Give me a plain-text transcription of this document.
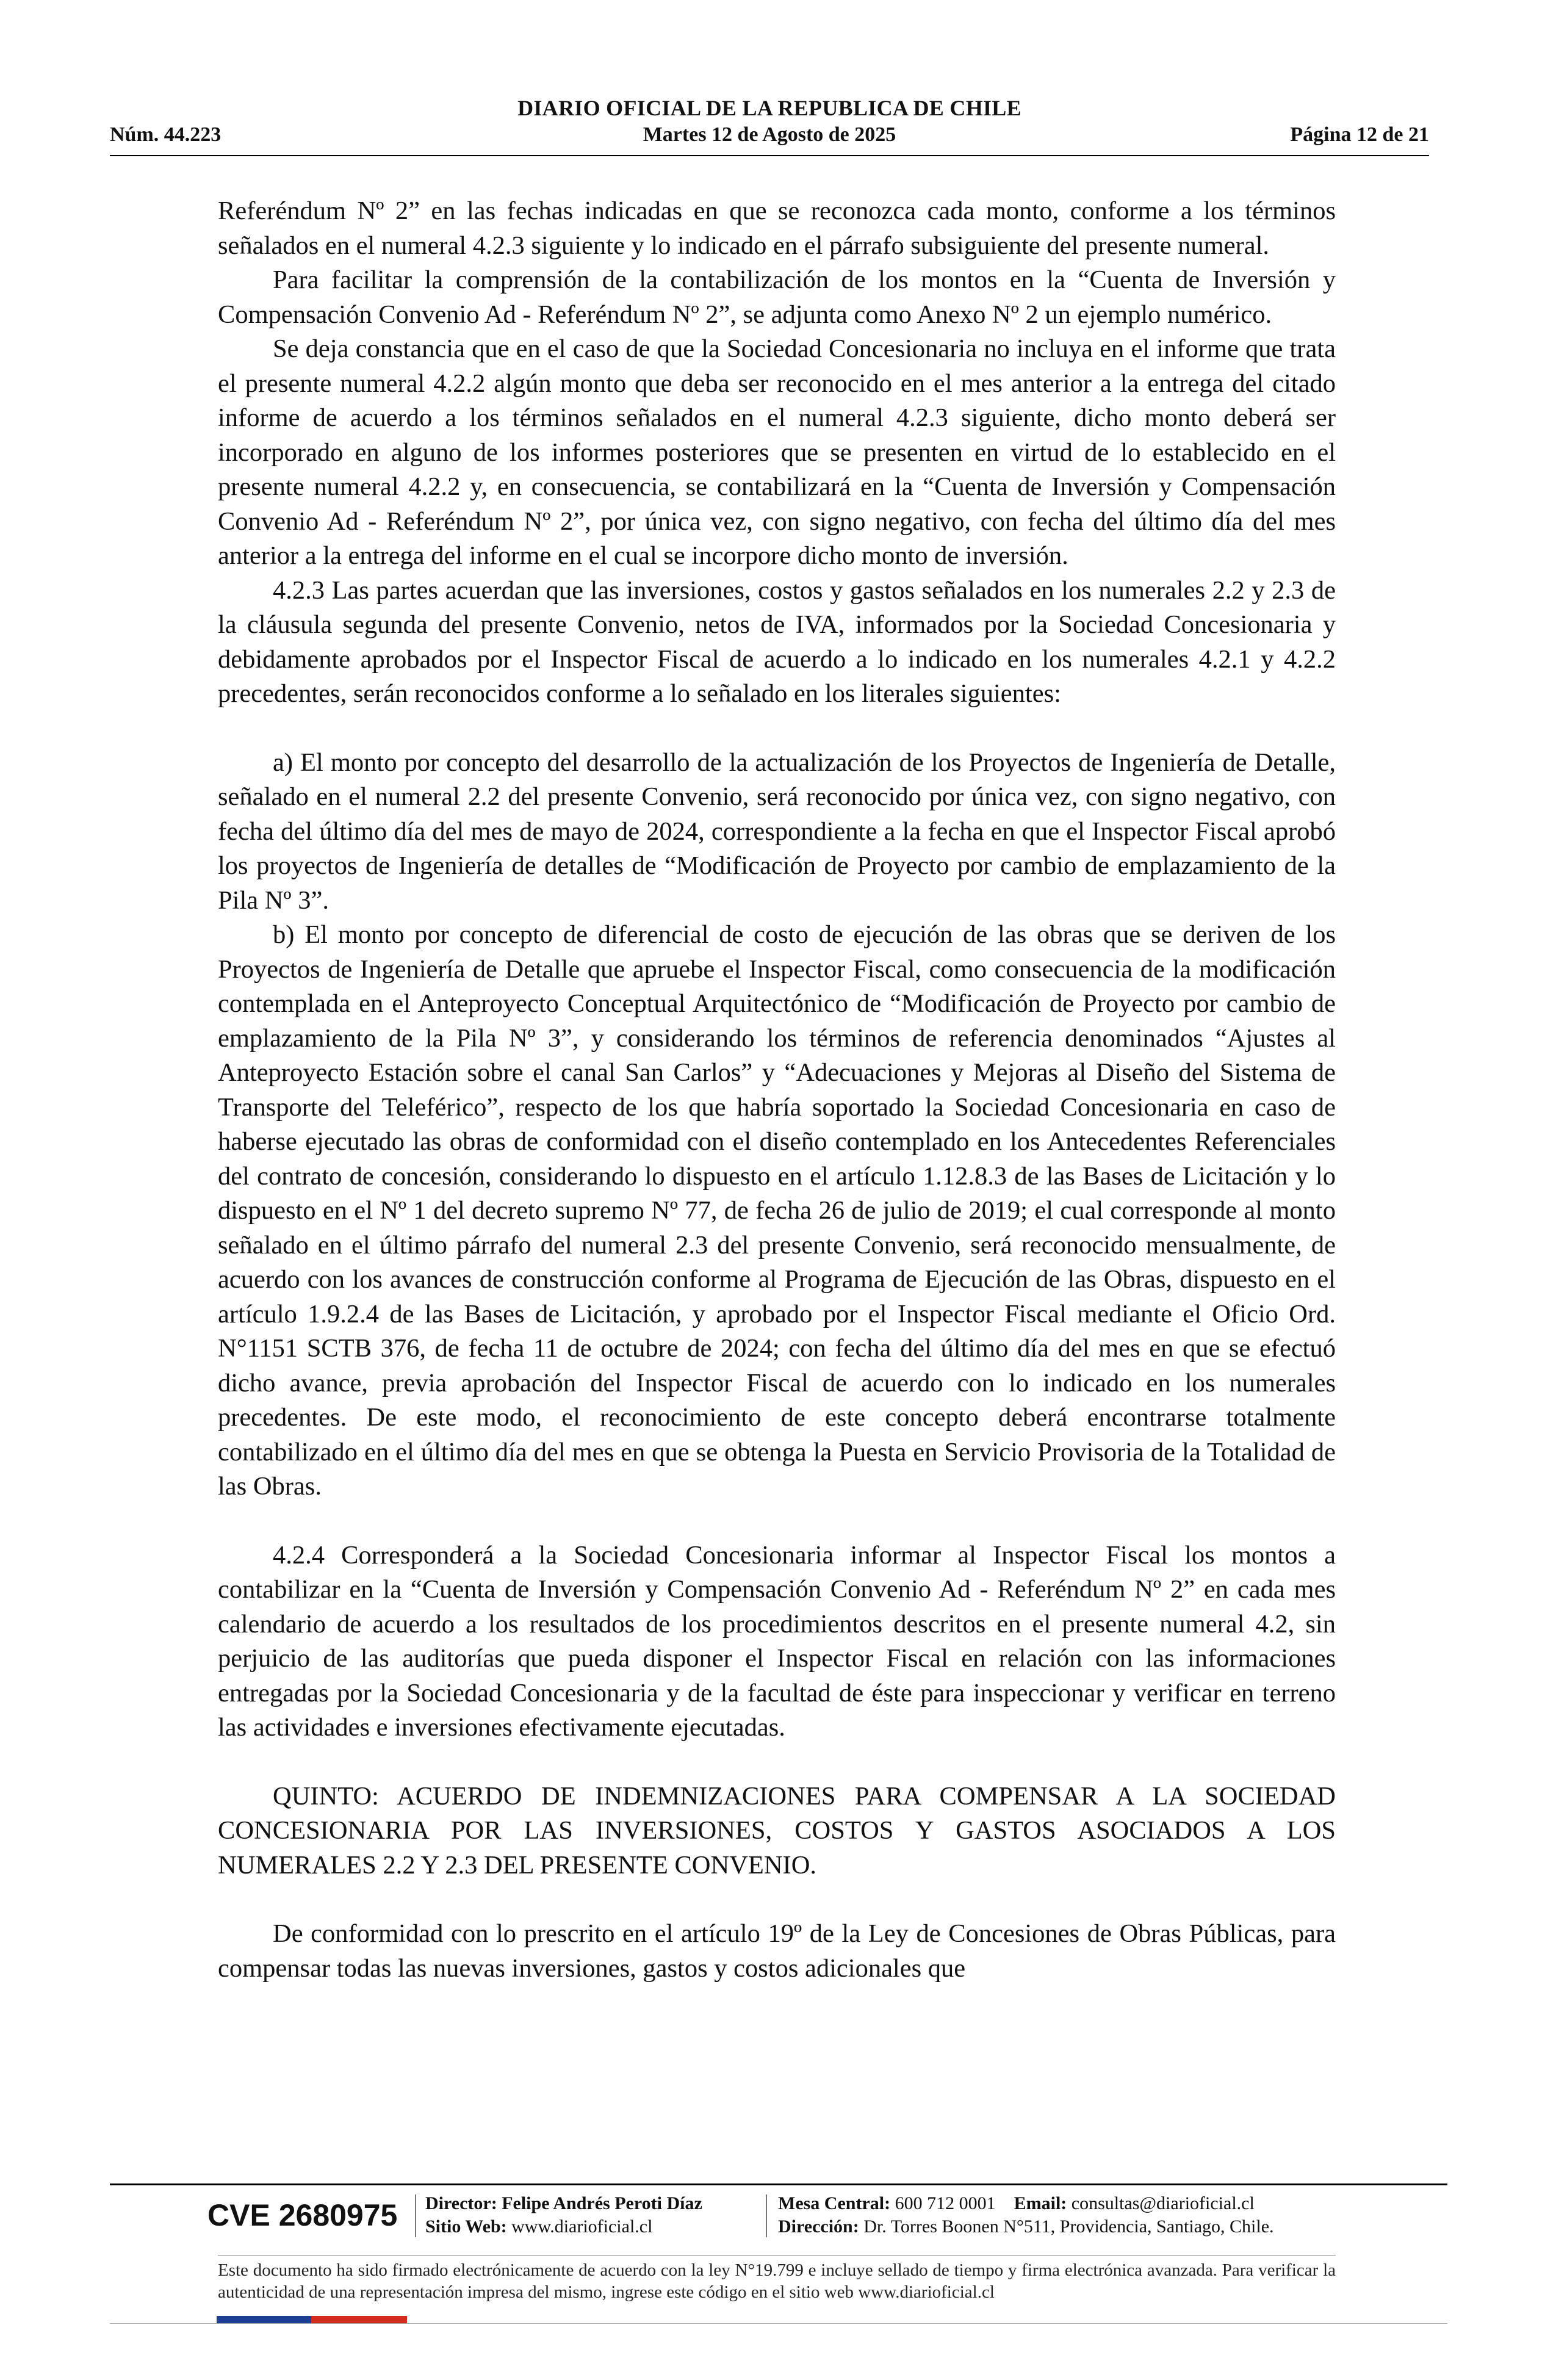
DIARIO OFICIAL DE LA REPUBLICA DE CHILE
Núm. 44.223	Martes 12 de Agosto de 2025	Página 12 de 21

Referéndum Nº 2” en las fechas indicadas en que se reconozca cada monto, conforme a los términos señalados en el numeral 4.2.3 siguiente y lo indicado en el párrafo subsiguiente del presente numeral.

Para facilitar la comprensión de la contabilización de los montos en la “Cuenta de Inversión y Compensación Convenio Ad - Referéndum Nº 2”, se adjunta como Anexo Nº 2 un ejemplo numérico.

Se deja constancia que en el caso de que la Sociedad Concesionaria no incluya en el informe que trata el presente numeral 4.2.2 algún monto que deba ser reconocido en el mes anterior a la entrega del citado informe de acuerdo a los términos señalados en el numeral 4.2.3 siguiente, dicho monto deberá ser incorporado en alguno de los informes posteriores que se presenten en virtud de lo establecido en el presente numeral 4.2.2 y, en consecuencia, se contabilizará en la “Cuenta de Inversión y Compensación Convenio Ad - Referéndum Nº 2”, por única vez, con signo negativo, con fecha del último día del mes anterior a la entrega del informe en el cual se incorpore dicho monto de inversión.

4.2.3 Las partes acuerdan que las inversiones, costos y gastos señalados en los numerales 2.2 y 2.3 de la cláusula segunda del presente Convenio, netos de IVA, informados por la Sociedad Concesionaria y debidamente aprobados por el Inspector Fiscal de acuerdo a lo indicado en los numerales 4.2.1 y 4.2.2 precedentes, serán reconocidos conforme a lo señalado en los literales siguientes:

a) El monto por concepto del desarrollo de la actualización de los Proyectos de Ingeniería de Detalle, señalado en el numeral 2.2 del presente Convenio, será reconocido por única vez, con signo negativo, con fecha del último día del mes de mayo de 2024, correspondiente a la fecha en que el Inspector Fiscal aprobó los proyectos de Ingeniería de detalles de “Modificación de Proyecto por cambio de emplazamiento de la Pila Nº 3”.

b) El monto por concepto de diferencial de costo de ejecución de las obras que se deriven de los Proyectos de Ingeniería de Detalle que apruebe el Inspector Fiscal, como consecuencia de la modificación contemplada en el Anteproyecto Conceptual Arquitectónico de “Modificación de Proyecto por cambio de emplazamiento de la Pila Nº 3”, y considerando los términos de referencia denominados “Ajustes al Anteproyecto Estación sobre el canal San Carlos” y “Adecuaciones y Mejoras al Diseño del Sistema de Transporte del Teleférico”, respecto de los que habría soportado la Sociedad Concesionaria en caso de haberse ejecutado las obras de conformidad con el diseño contemplado en los Antecedentes Referenciales del contrato de concesión, considerando lo dispuesto en el artículo 1.12.8.3 de las Bases de Licitación y lo dispuesto en el Nº 1 del decreto supremo Nº 77, de fecha 26 de julio de 2019; el cual corresponde al monto señalado en el último párrafo del numeral 2.3 del presente Convenio, será reconocido mensualmente, de acuerdo con los avances de construcción conforme al Programa de Ejecución de las Obras, dispuesto en el artículo 1.9.2.4 de las Bases de Licitación, y aprobado por el Inspector Fiscal mediante el Oficio Ord. N°1151 SCTB 376, de fecha 11 de octubre de 2024; con fecha del último día del mes en que se efectuó dicho avance, previa aprobación del Inspector Fiscal de acuerdo con lo indicado en los numerales precedentes. De este modo, el reconocimiento de este concepto deberá encontrarse totalmente contabilizado en el último día del mes en que se obtenga la Puesta en Servicio Provisoria de la Totalidad de las Obras.

4.2.4 Corresponderá a la Sociedad Concesionaria informar al Inspector Fiscal los montos a contabilizar en la “Cuenta de Inversión y Compensación Convenio Ad - Referéndum Nº 2” en cada mes calendario de acuerdo a los resultados de los procedimientos descritos en el presente numeral 4.2, sin perjuicio de las auditorías que pueda disponer el Inspector Fiscal en relación con las informaciones entregadas por la Sociedad Concesionaria y de la facultad de éste para inspeccionar y verificar en terreno las actividades e inversiones efectivamente ejecutadas.

QUINTO: ACUERDO DE INDEMNIZACIONES PARA COMPENSAR A LA SOCIEDAD CONCESIONARIA POR LAS INVERSIONES, COSTOS Y GASTOS ASOCIADOS A LOS NUMERALES 2.2 Y 2.3 DEL PRESENTE CONVENIO.

De conformidad con lo prescrito en el artículo 19º de la Ley de Concesiones de Obras Públicas, para compensar todas las nuevas inversiones, gastos y costos adicionales que

CVE 2680975 Director: Felipe Andrés Peroti Díaz
Sitio Web: www.diarioficial.cl
Mesa Central: 600 712 0001 Email: consultas@diarioficial.cl
Dirección: Dr. Torres Boonen N°511, Providencia, Santiago, Chile.
Este documento ha sido firmado electrónicamente de acuerdo con la ley N°19.799 e incluye sellado de tiempo y firma electrónica avanzada. Para verificar la autenticidad de una representación impresa del mismo, ingrese este código en el sitio web www.diarioficial.cl
